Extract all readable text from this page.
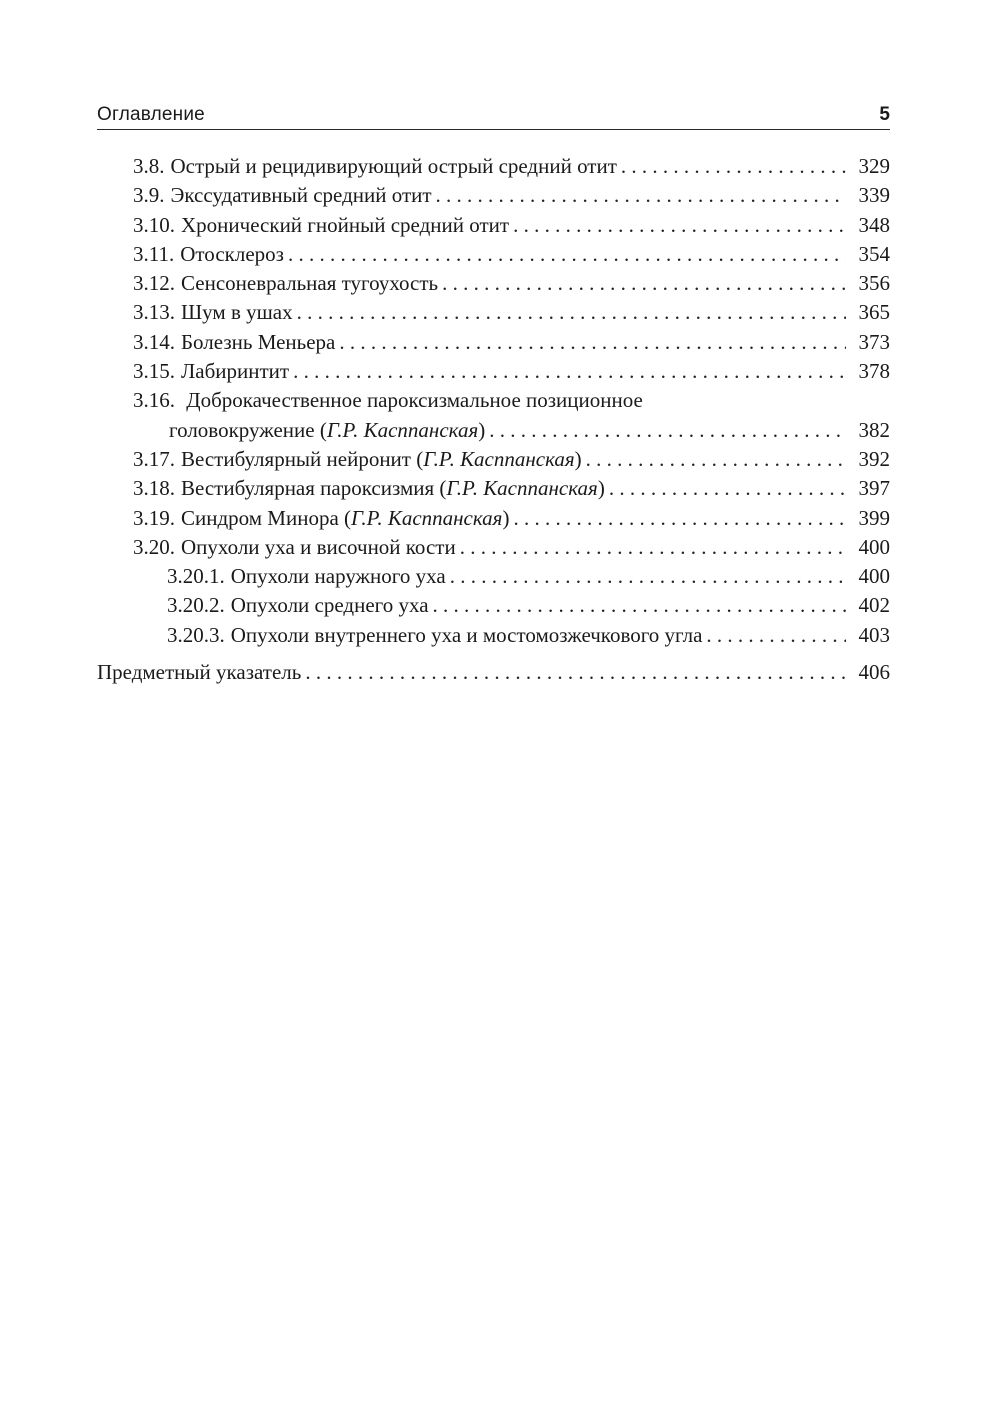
Оглавление	5
3.8. Острый и рецидивирующий острый средний отит . . .	329
3.9. Экссудативный средний отит . . .	339
3.10. Хронический гнойный средний отит . . .	348
3.11. Отосклероз . . .	354
3.12. Сенсоневральная тугоухость . . .	356
3.13. Шум в ушах . . .	365
3.14. Болезнь Меньера . . .	373
3.15. Лабиринтит . . .	378
3.16. Доброкачественное пароксизмальное позиционное
головокружение ( Г.Р. Касппанская ) . . .	382
3.17. Вестибулярный нейронит ( Г.Р. Касппанская ) . . .	392
3.18. Вестибулярная пароксизмия ( Г.Р. Касппанская ) . . .	397
3.19. Синдром Минора ( Г.Р. Касппанская ) . . .	399
3.20. Опухоли уха и височной кости . . .	400
3.20.1. Опухоли наружного уха . . .	400
3.20.2. Опухоли среднего уха . . .	402
3.20.3. Опухоли внутреннего уха и мостомозжечкового угла . . .	403
Предметный указатель . . .	406
